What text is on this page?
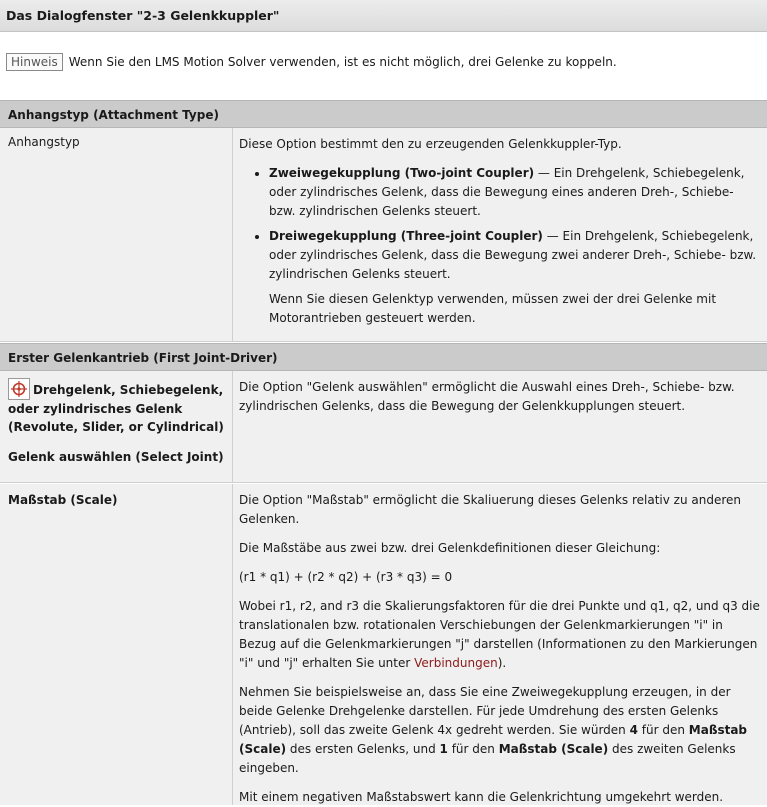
Das Dialogfenster "2-3 Gelenkkuppler"
Hinweis Wenn Sie den LMS Motion Solver verwenden, ist es nicht möglich, drei Gelenke zu koppeln.
Anhangstyp (Attachment Type)
Anhangstyp	Diese Option bestimmt den zu erzeugenden Gelenkkuppler-Typ.

• Zweiwegekupplung (Two-joint Coupler) — Ein Drehgelenk, Schiebegelenk, oder zylindrisches Gelenk, dass die Bewegung eines anderen Dreh-, Schiebe- bzw. zylindrischen Gelenks steuert.
• Dreiwegekupplung (Three-joint Coupler) — Ein Drehgelenk, Schiebegelenk, oder zylindrisches Gelenk, dass die Bewegung zwei anderer Dreh-, Schiebe- bzw. zylindrischen Gelenks steuert.

Wenn Sie diesen Gelenktyp verwenden, müssen zwei der drei Gelenke mit Motorantrieben gesteuert werden.

Erster Gelenkantrieb (First Joint-Driver)
Drehgelenk, Schiebegelenk, oder zylindrisches Gelenk (Revolute, Slider, or Cylindrical)
Gelenk auswählen (Select Joint)

Die Option "Gelenk auswählen" ermöglicht die Auswahl eines Dreh-, Schiebe- bzw. zylindrischen Gelenks, dass die Bewegung der Gelenkkupplungen steuert.

Maßstab (Scale)	Die Option "Maßstab" ermöglicht die Skaliuerung dieses Gelenks relativ zu anderen Gelenken.

Die Maßstäbe aus zwei bzw. drei Gelenkdefinitionen dieser Gleichung:

(r1 * q1) + (r2 * q2) + (r3 * q3) = 0

Wobei r1, r2, and r3 die Skalierungsfaktoren für die drei Punkte und q1, q2, und q3 die translationalen bzw. rotationalen Verschiebungen der Gelenkmarkierungen "i" in Bezug auf die Gelenkmarkierungen "j" darstellen (Informationen zu den Markierungen "i" und "j" erhalten Sie unter Verbindungen).

Nehmen Sie beispielsweise an, dass Sie eine Zweiwegekupplung erzeugen, in der beide Gelenke Drehgelenke darstellen. Für jede Umdrehung des ersten Gelenks (Antrieb), soll das zweite Gelenk 4x gedreht werden. Sie würden 4 für den Maßstab (Scale) des ersten Gelenks, und 1 für den Maßstab (Scale) des zweiten Gelenks eingeben.

Mit einem negativen Maßstabswert kann die Gelenkrichtung umgekehrt werden.
